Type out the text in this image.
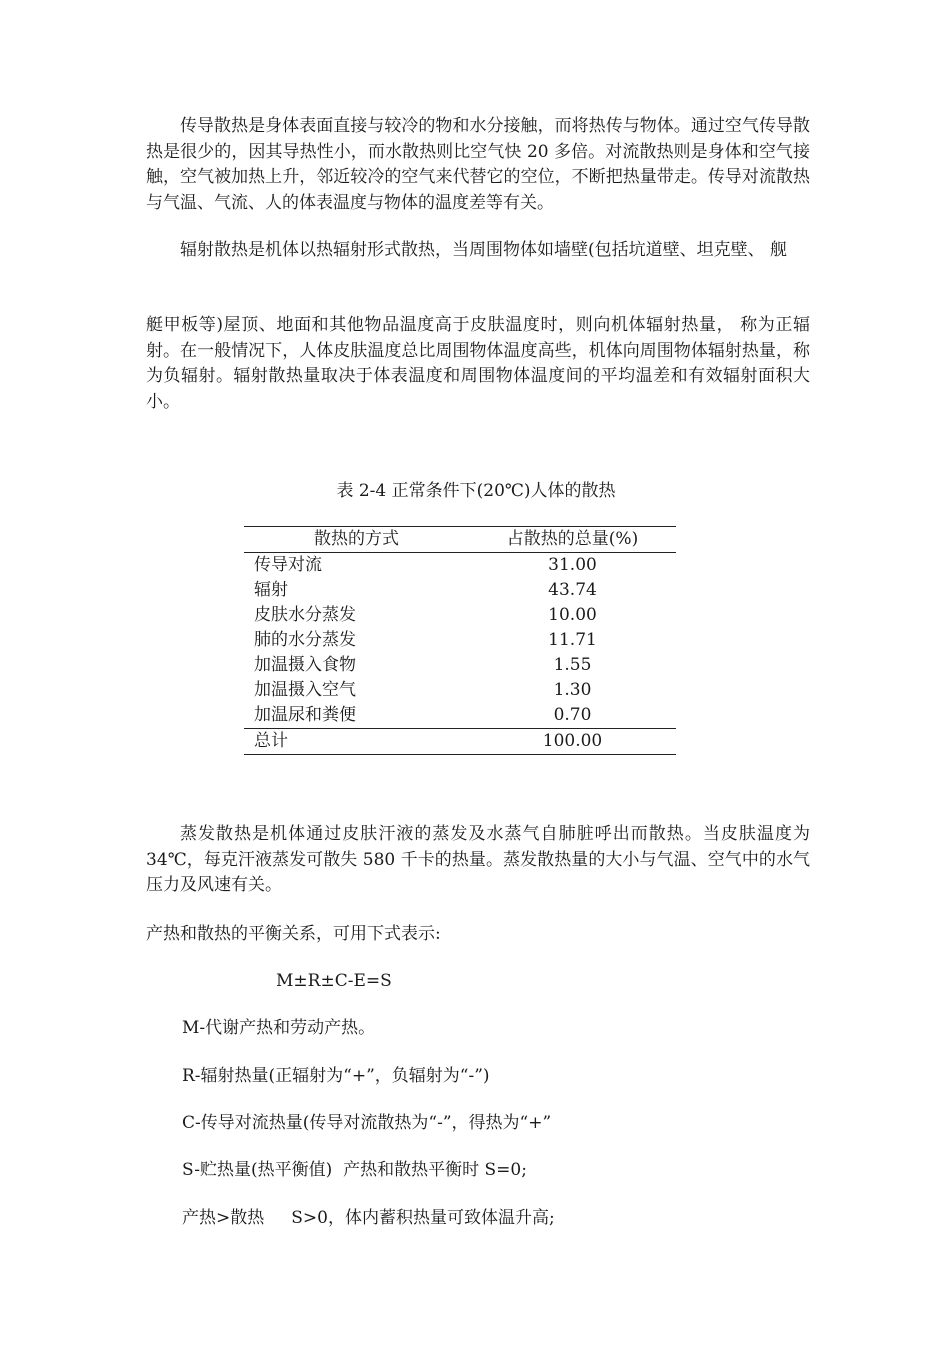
传导散热是身体表面直接与较冷的物和水分接触，而将热传与物体。通过空气传导散热是很少的，因其导热性小，而水散热则比空气快 20 多倍。对流散热则是身体和空气接触，空气被加热上升，邻近较冷的空气来代替它的空位，不断把热量带走。传导对流散热与气温、气流、人的体表温度与物体的温度差等有关。

辐射散热是机体以热辐射形式散热，当周围物体如墙壁(包括坑道壁、坦克壁、 舰

艇甲板等)屋顶、地面和其他物品温度高于皮肤温度时，则向机体辐射热量， 称为正辐射。在一般情况下，人体皮肤温度总比周围物体温度高些，机体向周围物体辐射热量，称为负辐射。辐射散热量取决于体表温度和周围物体温度间的平均温差和有效辐射面积大小。

表 2-4 正常条件下(20℃)人体的散热
散热的方式	占散热的总量(%)
传导对流	31.00
辐射	43.74
皮肤水分蒸发	10.00
肺的水分蒸发	11.71
加温摄入食物	1.55
加温摄入空气	1.30
加温尿和粪便	0.70
总计	100.00

蒸发散热是机体通过皮肤汗液的蒸发及水蒸气自肺脏呼出而散热。当皮肤温度为 34℃，每克汗液蒸发可散失 580 千卡的热量。蒸发散热量的大小与气温、空气中的水气压力及风速有关。

产热和散热的平衡关系，可用下式表示:

M±R±C-E=S
M-代谢产热和劳动产热。
R-辐射热量(正辐射为“+”，负辐射为“-”)
C-传导对流热量(传导对流散热为“-”，得热为“+”
S-贮热量(热平衡值)  产热和散热平衡时 S=0;
产热>散热     S>0，体内蓄积热量可致体温升高;
